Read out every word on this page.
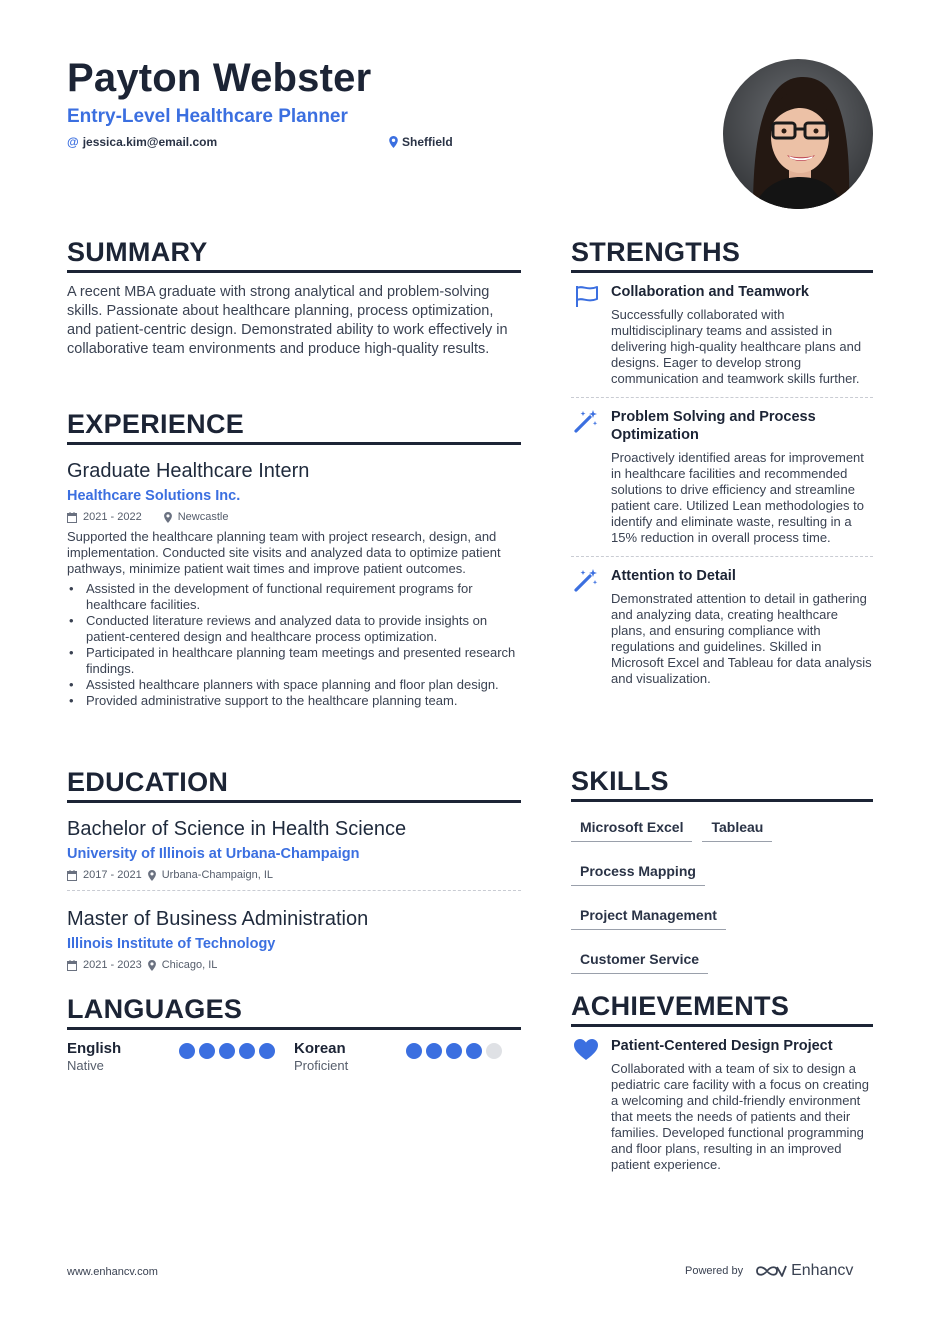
Payton Webster
Entry-Level Healthcare Planner
@ jessica.kim@email.com	Sheffield
SUMMARY
A recent MBA graduate with strong analytical and problem-solving skills. Passionate about healthcare planning, process optimization, and patient-centric design. Demonstrated ability to work effectively in collaborative team environments and produce high-quality results.
EXPERIENCE
Graduate Healthcare Intern
Healthcare Solutions Inc.
2021 - 2022	Newcastle
Supported the healthcare planning team with project research, design, and implementation. Conducted site visits and analyzed data to optimize patient pathways, minimize patient wait times and improve patient outcomes.
• Assisted in the development of functional requirement programs for healthcare facilities.
• Conducted literature reviews and analyzed data to provide insights on patient-centered design and healthcare process optimization.
• Participated in healthcare planning team meetings and presented research findings.
• Assisted healthcare planners with space planning and floor plan design.
• Provided administrative support to the healthcare planning team.
EDUCATION
Bachelor of Science in Health Science
University of Illinois at Urbana-Champaign
2017 - 2021 Urbana-Champaign, IL
Master of Business Administration
Illinois Institute of Technology
2021 - 2023 Chicago, IL
LANGUAGES
English
Native
Korean
Proficient
STRENGTHS
Collaboration and Teamwork
Successfully collaborated with multidisciplinary teams and assisted in delivering high-quality healthcare plans and designs. Eager to develop strong communication and teamwork skills further.
Problem Solving and Process Optimization
Proactively identified areas for improvement in healthcare facilities and recommended solutions to drive efficiency and streamline patient care. Utilized Lean methodologies to identify and eliminate waste, resulting in a 15% reduction in overall process time.
Attention to Detail
Demonstrated attention to detail in gathering and analyzing data, creating healthcare plans, and ensuring compliance with regulations and guidelines. Skilled in Microsoft Excel and Tableau for data analysis and visualization.
SKILLS
Microsoft Excel	Tableau
Process Mapping
Project Management
Customer Service
ACHIEVEMENTS
Patient-Centered Design Project
Collaborated with a team of six to design a pediatric care facility with a focus on creating a welcoming and child-friendly environment that meets the needs of patients and their families. Developed functional programming and floor plans, resulting in an improved patient experience.
www.enhancv.com	Powered by	Enhancv
